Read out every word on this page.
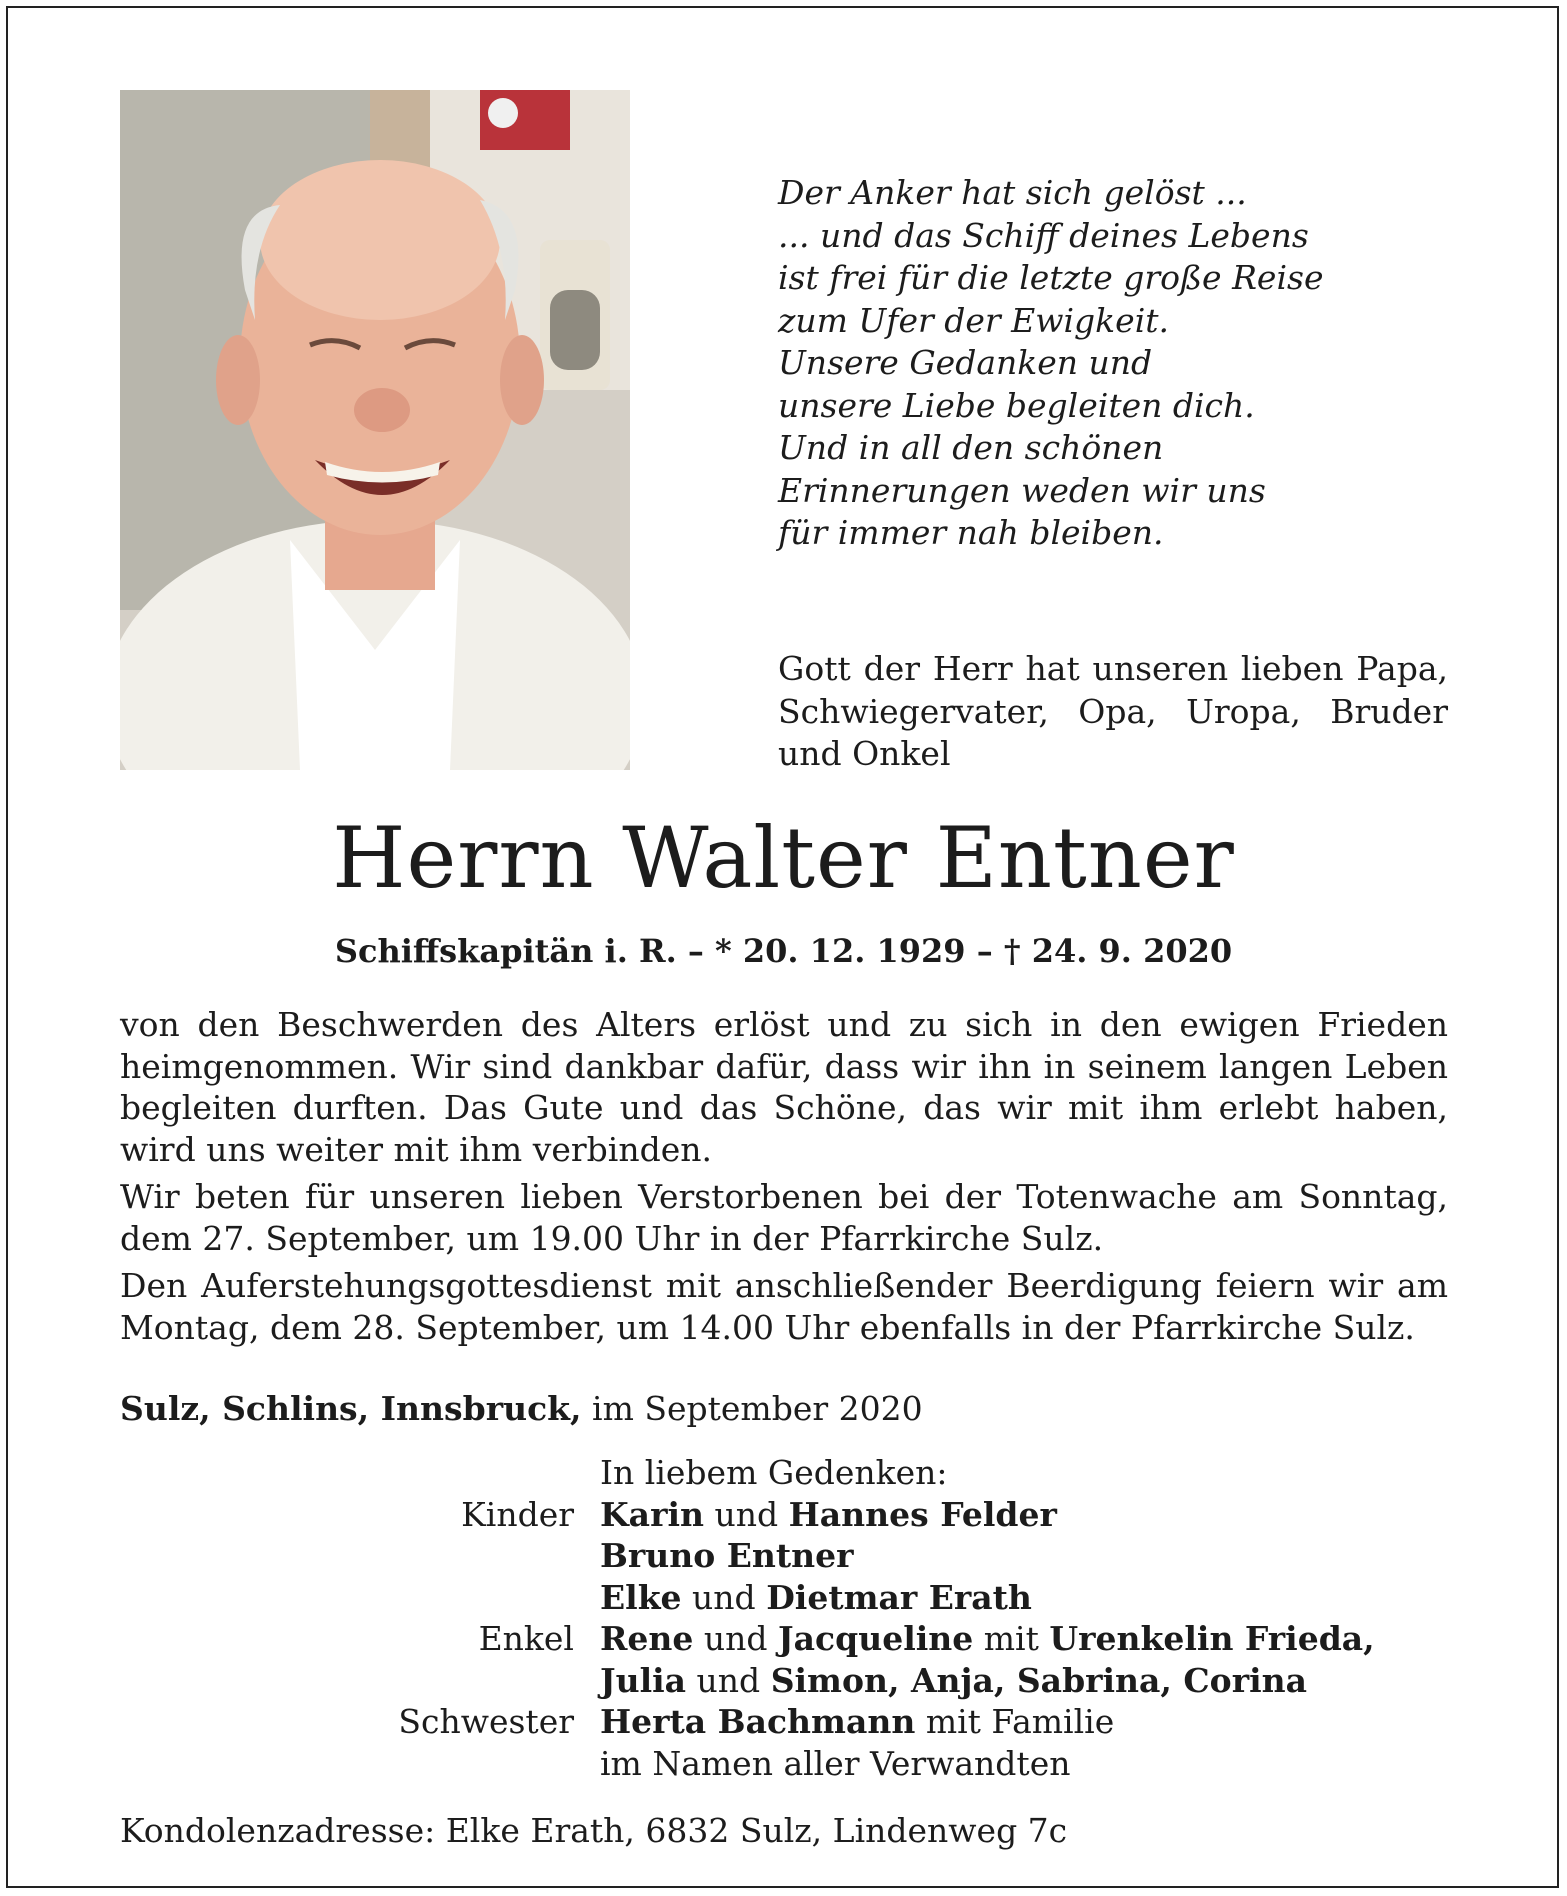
Der Anker hat sich gelöst ...
... und das Schiff deines Lebens
ist frei für die letzte große Reise
zum Ufer der Ewigkeit.
Unsere Gedanken und
unsere Liebe begleiten dich.
Und in all den schönen
Erinnerungen weden wir uns
für immer nah bleiben.
Gott der Herr hat unseren lieben Papa, Schwiegervater, Opa, Uropa, Bruder und Onkel
Herrn Walter Entner
Schiffskapitän i. R. – * 20. 12. 1929 – † 24. 9. 2020

von den Beschwerden des Alters erlöst und zu sich in den ewigen Frieden heimgenommen. Wir sind dankbar dafür, dass wir ihn in seinem langen Leben begleiten durften. Das Gute und das Schöne, das wir mit ihm erlebt haben, wird uns weiter mit ihm verbinden.

Wir beten für unseren lieben Verstorbenen bei der Totenwache am Sonntag, dem 27. September, um 19.00 Uhr in der Pfarrkirche Sulz.

Den Auferstehungsgottesdienst mit anschließender Beerdigung feiern wir am Montag, dem 28. September, um 14.00 Uhr ebenfalls in der Pfarrkirche Sulz.

Sulz, Schlins, Innsbruck, im September 2020
In liebem Gedenken:
Kinder Karin und Hannes Felder
Bruno Entner
Elke und Dietmar Erath
Enkel Rene und Jacqueline mit Urenkelin Frieda,
Julia und Simon, Anja, Sabrina, Corina
Schwester Herta Bachmann mit Familie
im Namen aller Verwandten
Kondolenzadresse: Elke Erath, 6832 Sulz, Lindenweg 7c
